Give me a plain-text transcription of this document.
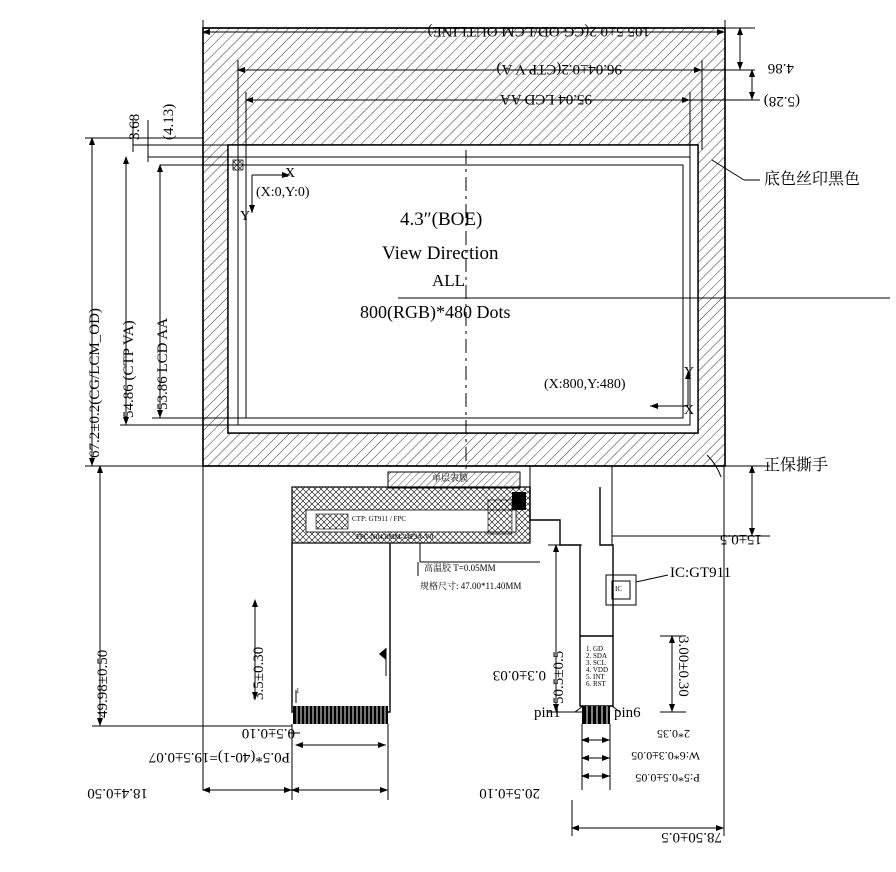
105.5±0.2(CG OD/LCM OUTLINE)
96.04±0.2(CTP V A)
95.04 LCD AA
4.86
(5.28)
15±0.5
3.00±0.30
3.68 (4.13)
67.2±0.2(CG/LCM_OD) 54.86 (CTP VA) 53.86 LCD AA
49.98±0.50	3.5±0.30	50.5±0.5
0.3±0.03
0.5±0.10
P0.5*(40-1)=19.5±0.07
18.4±0.50	20.5±0.10
2*0.35
W:6*0.3±0.05
P:5*0.5±0.05
78.50±0.5
4.3″(BOE)
View Direction
ALL
800(RGB)*480 Dots
X
Y
(X:0,Y:0)
Y
X
(X:800,Y:480)
底色丝印黑色
正保撕手
IC:GT911
单层表膜
高温胶 T=0.05MM
规格尺寸: 47.00*11.40MM
CTP: GT911 / FPC
FPC-N04.8MM-24P3A-V0
pin1	pin6
1
IC
1. GD
2. SDA
3. SCL
4. VDD
5. INT
6. RST
